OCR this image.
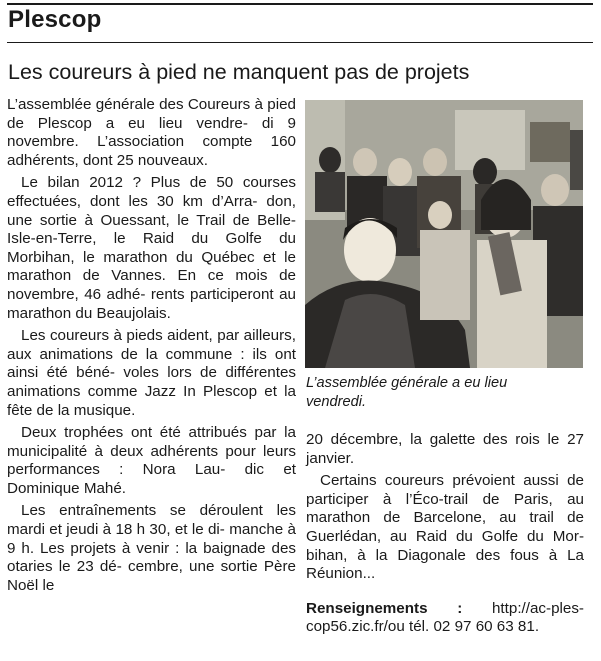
Plescop
Les coureurs à pied ne manquent pas de projets

L’assemblée générale des Coureurs à pied de Plescop a eu lieu vendre- di 9 novembre. L’association compte 160 adhérents, dont 25 nouveaux.

Le bilan 2012 ? Plus de 50 courses effectuées, dont les 30 km d’Arra- don, une sortie à Ouessant, le Trail de Belle-Isle-en-Terre, le Raid du Golfe du Morbihan, le marathon du Québec et le marathon de Vannes. En ce mois de novembre, 46 adhé- rents participeront au marathon du Beaujolais.

Les coureurs à pieds aident, par ailleurs, aux animations de la commune : ils ont ainsi été béné- voles lors de différentes animations comme Jazz In Plescop et la fête de la musique.

Deux trophées ont été attribués par la municipalité à deux adhérents pour leurs performances : Nora Lau- dic et Dominique Mahé.

Les entraînements se déroulent les mardi et jeudi à 18 h 30, et le di- manche à 9 h. Les projets à venir : la baignade des otaries le 23 dé- cembre, une sortie Père Noël le

L’assemblée générale a eu lieu
vendredi.

20 décembre, la galette des rois le 27 janvier.

Certains coureurs prévoient aussi de participer à l’Éco-trail de Paris, au marathon de Barcelone, au trail de Guerlédan, au Raid du Golfe du Mor- bihan, à la Diagonale des fous à La Réunion...

Renseignements : http://ac-ples- cop56.zic.fr/ou tél. 02 97 60 63 81.
